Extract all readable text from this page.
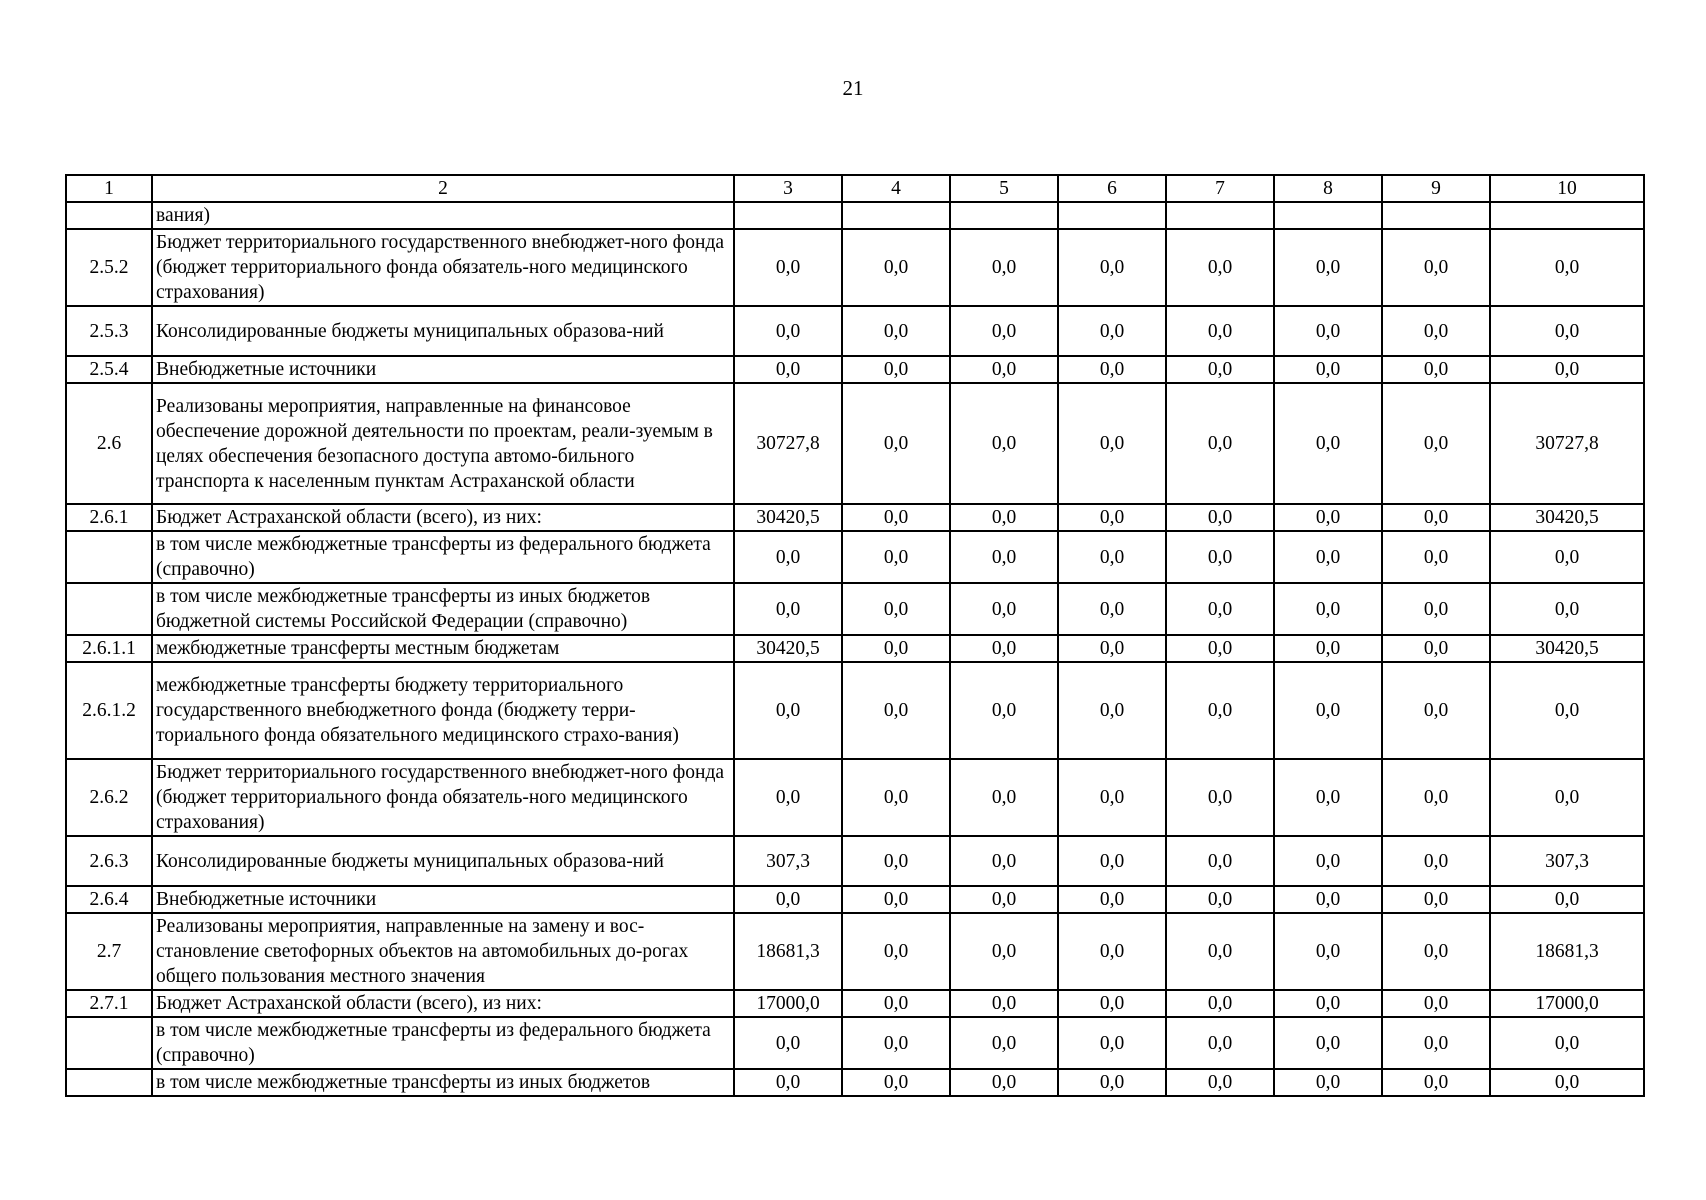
21
1	2	3	4	5	6	7	8	9	10
	вания)								
2.5.2	Бюджет территориального государственного внебюджет-ного фонда (бюджет территориального фонда обязатель-ного медицинского страхования)	0,0	0,0	0,0	0,0	0,0	0,0	0,0	0,0
2.5.3	Консолидированные бюджеты муниципальных образова-ний	0,0	0,0	0,0	0,0	0,0	0,0	0,0	0,0
2.5.4	Внебюджетные источники	0,0	0,0	0,0	0,0	0,0	0,0	0,0	0,0
2.6	Реализованы мероприятия, направленные на финансовое обеспечение дорожной деятельности по проектам, реали-зуемым в целях обеспечения безопасного доступа автомо-бильного транспорта к населенным пунктам Астраханской области	30727,8	0,0	0,0	0,0	0,0	0,0	0,0	30727,8
2.6.1	Бюджет Астраханской области (всего), из них:	30420,5	0,0	0,0	0,0	0,0	0,0	0,0	30420,5
	в том числе межбюджетные трансферты из федерального бюджета (справочно)	0,0	0,0	0,0	0,0	0,0	0,0	0,0	0,0
	в том числе межбюджетные трансферты из иных бюджетов бюджетной системы Российской Федерации (справочно)	0,0	0,0	0,0	0,0	0,0	0,0	0,0	0,0
2.6.1.1	межбюджетные трансферты местным бюджетам	30420,5	0,0	0,0	0,0	0,0	0,0	0,0	30420,5
2.6.1.2	межбюджетные трансферты бюджету территориального государственного внебюджетного фонда (бюджету терри-ториального фонда обязательного медицинского страхо-вания)	0,0	0,0	0,0	0,0	0,0	0,0	0,0	0,0
2.6.2	Бюджет территориального государственного внебюджет-ного фонда (бюджет территориального фонда обязатель-ного медицинского страхования)	0,0	0,0	0,0	0,0	0,0	0,0	0,0	0,0
2.6.3	Консолидированные бюджеты муниципальных образова-ний	307,3	0,0	0,0	0,0	0,0	0,0	0,0	307,3
2.6.4	Внебюджетные источники	0,0	0,0	0,0	0,0	0,0	0,0	0,0	0,0
2.7	Реализованы мероприятия, направленные на замену и вос-становление светофорных объектов на автомобильных до-рогах общего пользования местного значения	18681,3	0,0	0,0	0,0	0,0	0,0	0,0	18681,3
2.7.1	Бюджет Астраханской области (всего), из них:	17000,0	0,0	0,0	0,0	0,0	0,0	0,0	17000,0
	в том числе межбюджетные трансферты из федерального бюджета (справочно)	0,0	0,0	0,0	0,0	0,0	0,0	0,0	0,0
	в том числе межбюджетные трансферты из иных бюджетов	0,0	0,0	0,0	0,0	0,0	0,0	0,0	0,0
